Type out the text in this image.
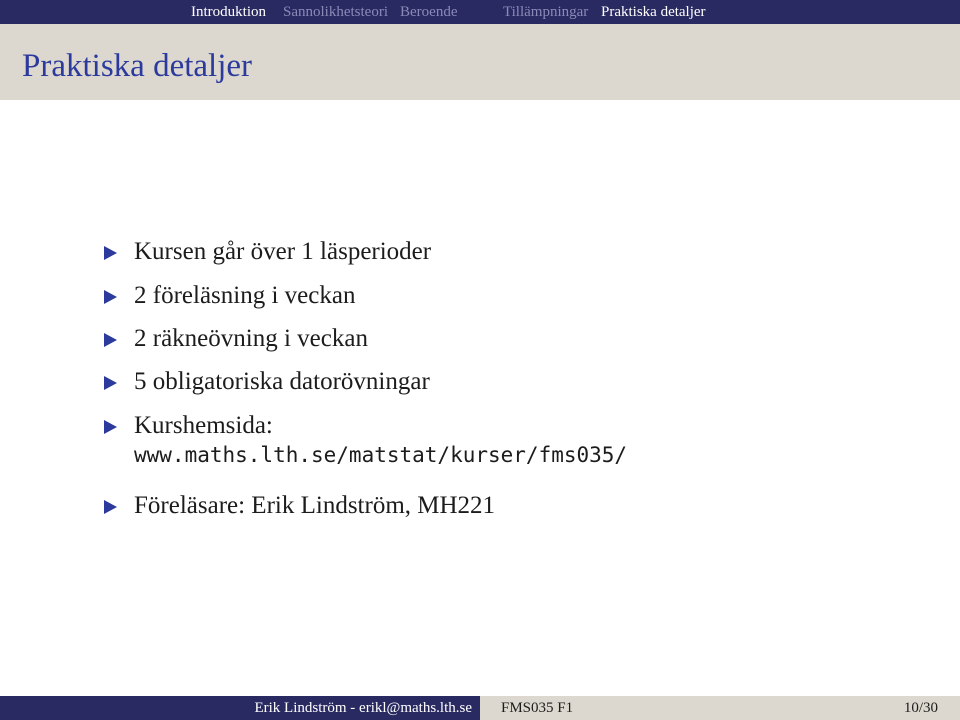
Introduktion Sannolikhetsteori Beroende	Tillämpningar Praktiska detaljer
Praktiska detaljer
Kursen går över 1 läsperioder
2 föreläsning i veckan
2 räkneövning i veckan
5 obligatoriska datorövningar
Kurshemsida:
www.maths.lth.se/matstat/kurser/fms035/
Föreläsare: Erik Lindström, MH221
Erik Lindström - erikl@maths.lth.se	FMS035 F1	10/30
